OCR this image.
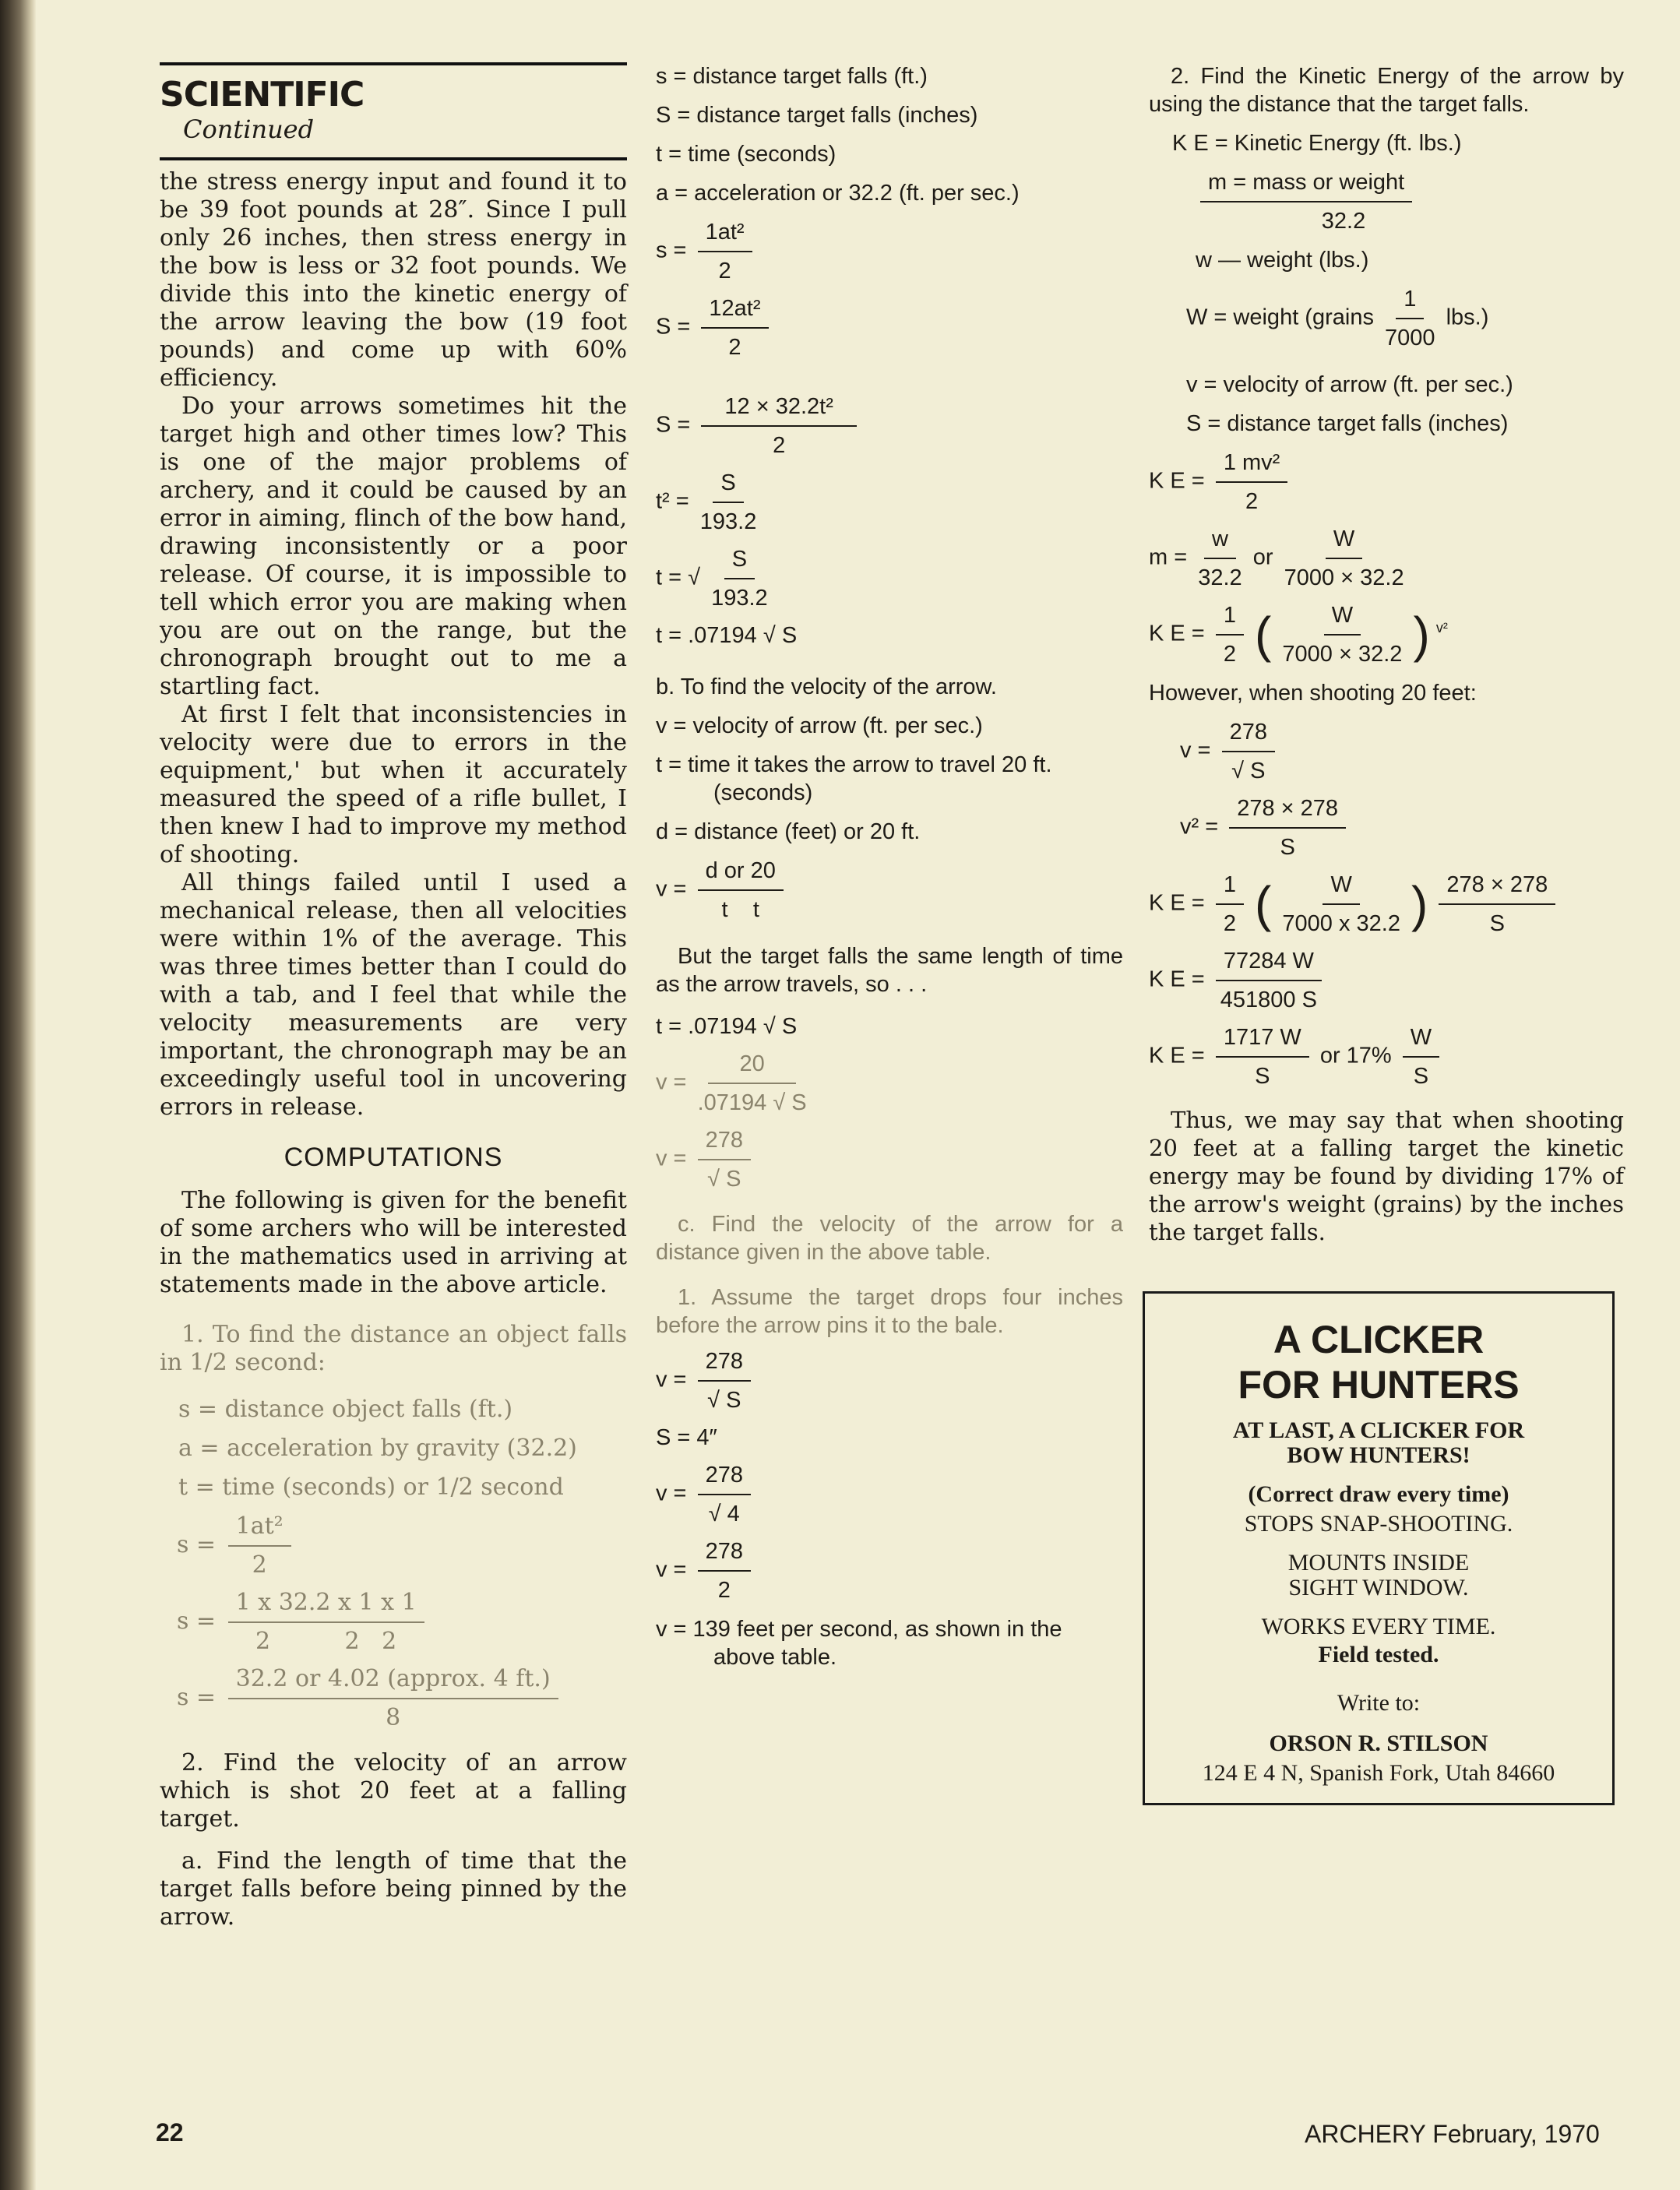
SCIENTIFIC
Continued

the stress energy input and found it to be 39 foot pounds at 28″. Since I pull only 26 inches, then stress energy in the bow is less or 32 foot pounds. We divide this into the kinetic energy of the arrow leaving the bow (19 foot pounds) and come up with 60% efficiency.

Do your arrows sometimes hit the target high and other times low? This is one of the major problems of archery, and it could be caused by an error in aiming, flinch of the bow hand, drawing inconsistently or a poor release. Of course, it is impossible to tell which error you are making when you are out on the range, but the chronograph brought out to me a startling fact.

At first I felt that inconsistencies in velocity were due to errors in the equipment,' but when it accurately measured the speed of a rifle bullet, I then knew I had to improve my method of shooting.

All things failed until I used a mechanical release, then all velocities were within 1% of the average. This was three times better than I could do with a tab, and I feel that while the velocity measurements are very important, the chronograph may be an exceedingly useful tool in uncovering errors in release.

COMPUTATIONS

The following is given for the benefit of some archers who will be interested in the mathematics used in arriving at statements made in the above article.

1. To find the distance an object falls in 1/2 second:

s = distance object falls (ft.)
a = acceleration by gravity (32.2)
t = time (seconds) or 1/2 second
$s = \frac{\text{1at²}}{2}$
$s = \frac{1 x 32.2 x 1 x 1}{2 2 2}$
$s = \frac{\text{32.2 or 4.02 (approx. 4 ft.)}}{8}$

2. Find the velocity of an arrow which is shot 20 feet at a falling target.

a. Find the length of time that the target falls before being pinned by the arrow.

s = distance target falls (ft.)
S = distance target falls (inches)
t = time (seconds)
a = acceleration or 32.2 (ft. per sec.)
$s = \frac{\text{1at²}}{2}$
$S = \frac{\text{12at²}}{2}$
$S = \frac{\text{12 × 32.2t²}}{2}$
$t^2 = \frac{S}{193.2}$
t = √ $\frac{S}{193.2}$
t = .07194 √ S
b. To find the velocity of the arrow.
v = velocity of arrow (ft. per sec.)
t = time it takes the arrow to travel 20 ft. (seconds)
d = distance (feet) or 20 ft.
$v = \frac{\text{d or 20}}{\text{t    t}}$

But the target falls the same length of time as the arrow travels, so . . .

t = .07194 √ S
$v = \frac{20}{.07194 √ S}$
$v = \frac{278}{√ S}$

c. Find the velocity of the arrow for a distance given in the above table.

1. Assume the target drops four inches before the arrow pins it to the bale.

$v = \frac{278}{√ S}$
S = 4″
$v = \frac{278}{√ 4}$
$v = \frac{278}{2}$
v = 139 feet per second, as shown in the above table.

2. Find the Kinetic Energy of the arrow by using the distance that the target falls.

K E = Kinetic Energy (ft. lbs.)
$\frac{\text{m = mass or weight}}{32.2}$
w — weight (lbs.)
W = weight (grains $\frac{1}{7000} lbs$.)
v = velocity of arrow (ft. per sec.)
S = distance target falls (inches)
K $E = \frac{\text{1 mv²}}{2}$
$m = \frac{w}{32.2}$ or $\frac{W}{7000 \times 32.2}$
K $E = \frac{1}{2}$ ( $\frac{W}{7000 \times 32.2}$ ) $^{v^2}$
However, when shooting 20 feet:
$v = \frac{278}{√ S}$
$v^2 = \frac{278 \times 278}{S}$
K $E = \frac{1}{2}$ ( $\frac{W}{7000 x 32.2}$ ) $\frac{278 \times 278}{S}$
K $E = \frac{77284 W}{451800 S}$
K $E = \frac{1717 W}{S}$ or $17\% \frac{W}{S}$

Thus, we may say that when shooting 20 feet at a falling target the kinetic energy may be found by dividing 17% of the arrow's weight (grains) by the inches the target falls.

A CLICKER
FOR HUNTERS
AT LAST, A CLICKER FOR
BOW HUNTERS!
(Correct draw every time)
STOPS SNAP-SHOOTING.
MOUNTS INSIDE
SIGHT WINDOW.
WORKS EVERY TIME.
Field tested.
Write to:
ORSON R. STILSON
124 E 4 N, Spanish Fork, Utah 84660
22	ARCHERY February, 1970
